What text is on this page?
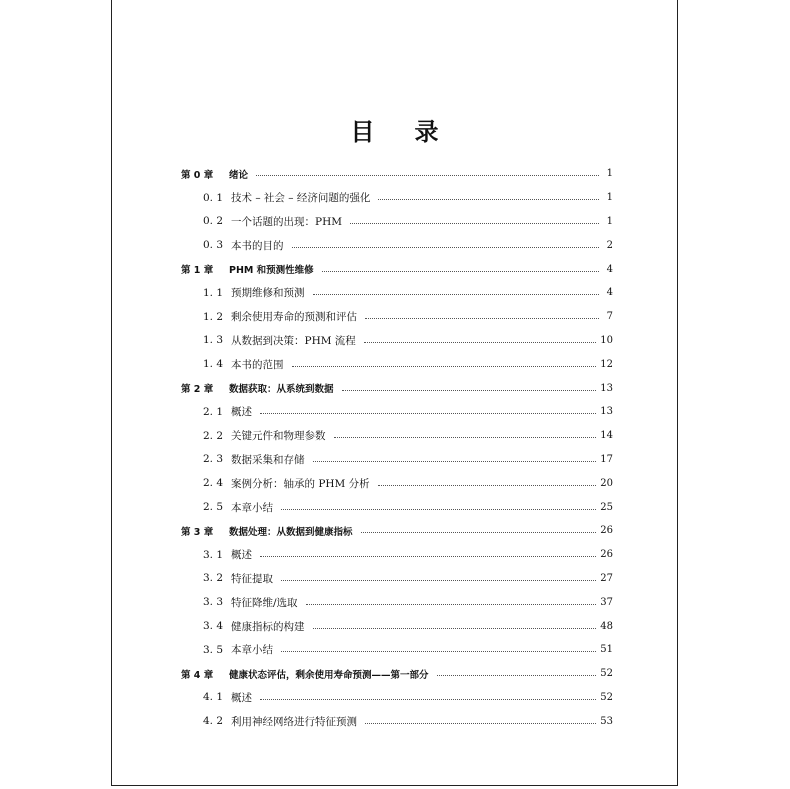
目 录
第 0 章	绪论	1
0. 1 技术 – 社会 – 经济问题的强化	1
0. 2 一个话题的出现：PHM	1
0. 3 本书的目的	2
第 1 章	PHM 和预测性维修	4
1. 1 预期维修和预测	4
1. 2 剩余使用寿命的预测和评估	7
1. 3 从数据到决策：PHM 流程	10
1. 4 本书的范围	12
第 2 章	数据获取：从系统到数据	13
2. 1 概述	13
2. 2 关键元件和物理参数	14
2. 3 数据采集和存储	17
2. 4 案例分析：轴承的 PHM 分析	20
2. 5 本章小结	25
第 3 章	数据处理：从数据到健康指标	26
3. 1 概述	26
3. 2 特征提取	27
3. 3 特征降维/选取	37
3. 4 健康指标的构建	48
3. 5 本章小结	51
第 4 章	健康状态评估，剩余使用寿命预测——第一部分	52
4. 1 概述	52
4. 2 利用神经网络进行特征预测	53
